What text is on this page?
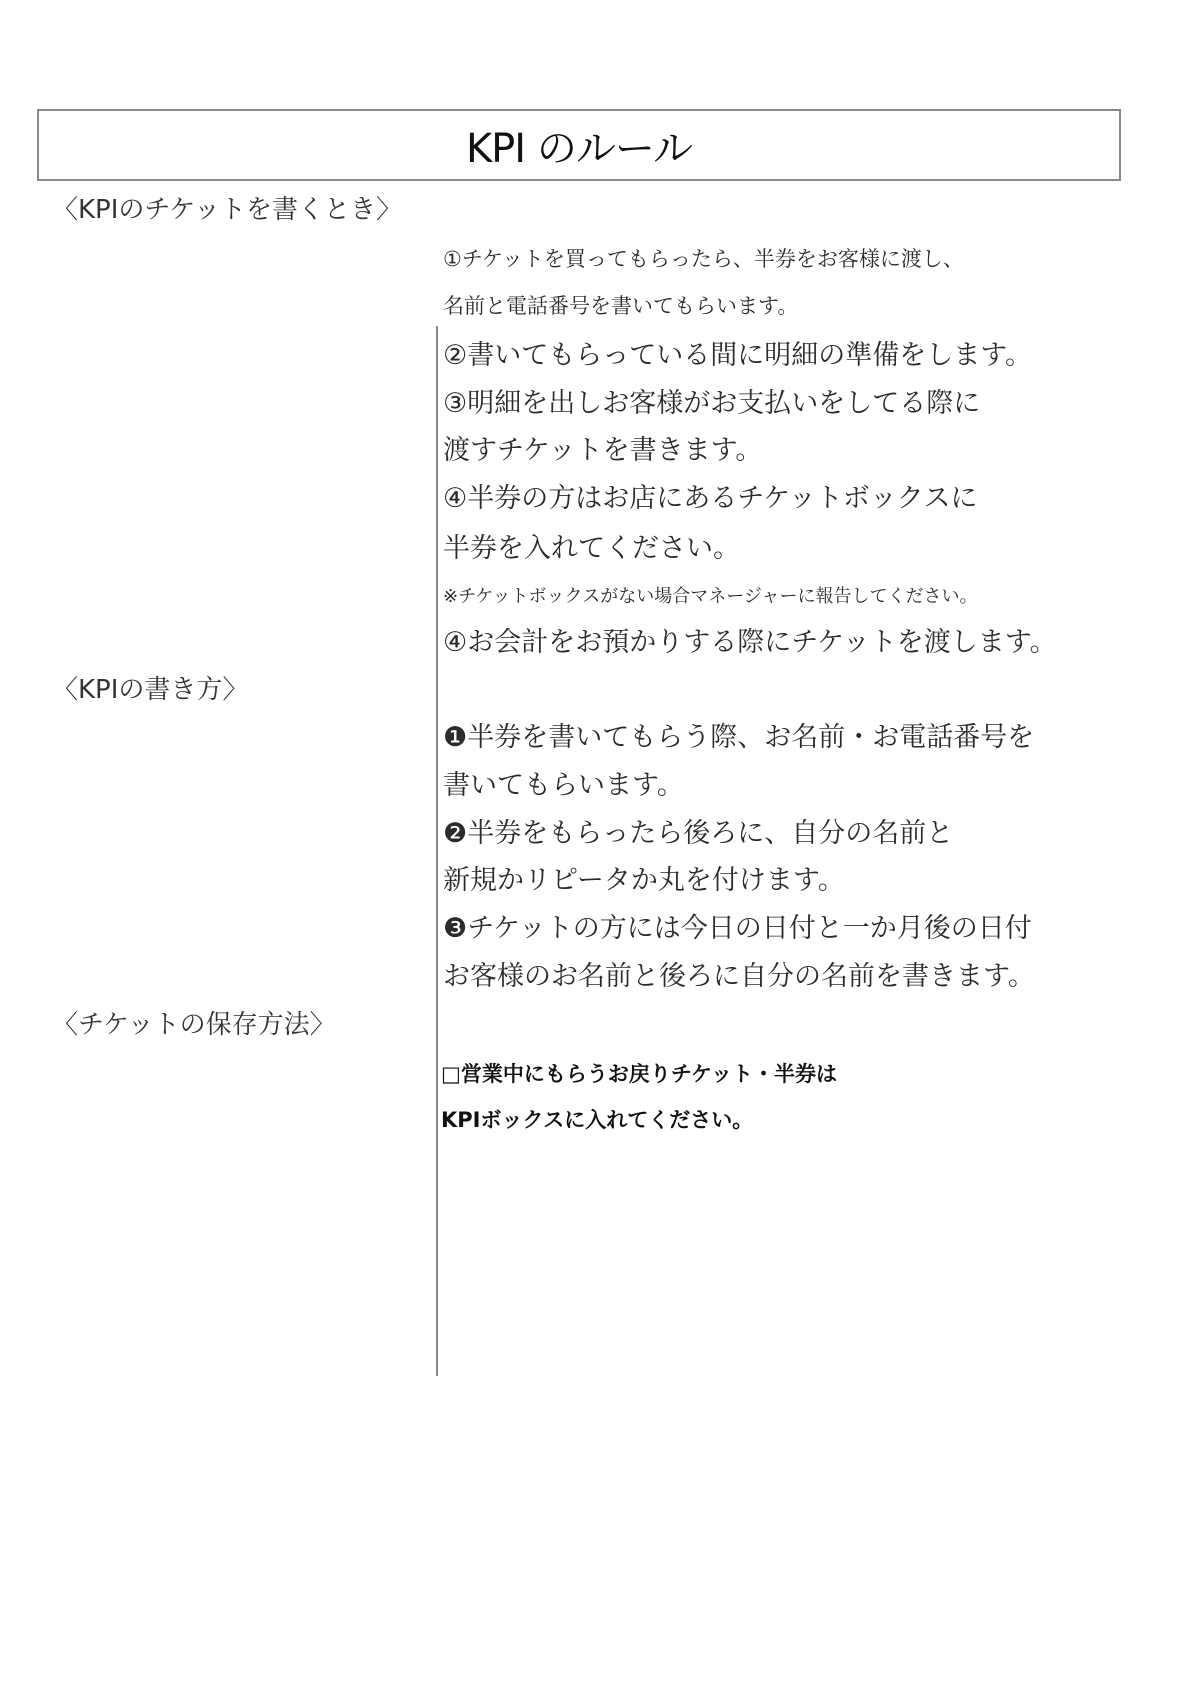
KPI のルール
〈KPIのチケットを書くとき〉
〈KPIの書き方〉
〈チケットの保存方法〉
①チケットを買ってもらったら、半券をお客様に渡し、
名前と電話番号を書いてもらいます。
②書いてもらっている間に明細の準備をします。
③明細を出しお客様がお支払いをしてる際に
渡すチケットを書きます。
④半券の方はお店にあるチケットボックスに
半券を入れてください。
※チケットボックスがない場合マネージャーに報告してください。
④お会計をお預かりする際にチケットを渡します。
❶半券を書いてもらう際、お名前・お電話番号を
書いてもらいます。
❷半券をもらったら後ろに、自分の名前と
新規かリピータか丸を付けます。
❸チケットの方には今日の日付と一か月後の日付
お客様のお名前と後ろに自分の名前を書きます。
□営業中にもらうお戻りチケット・半券は
KPIボックスに入れてください。
